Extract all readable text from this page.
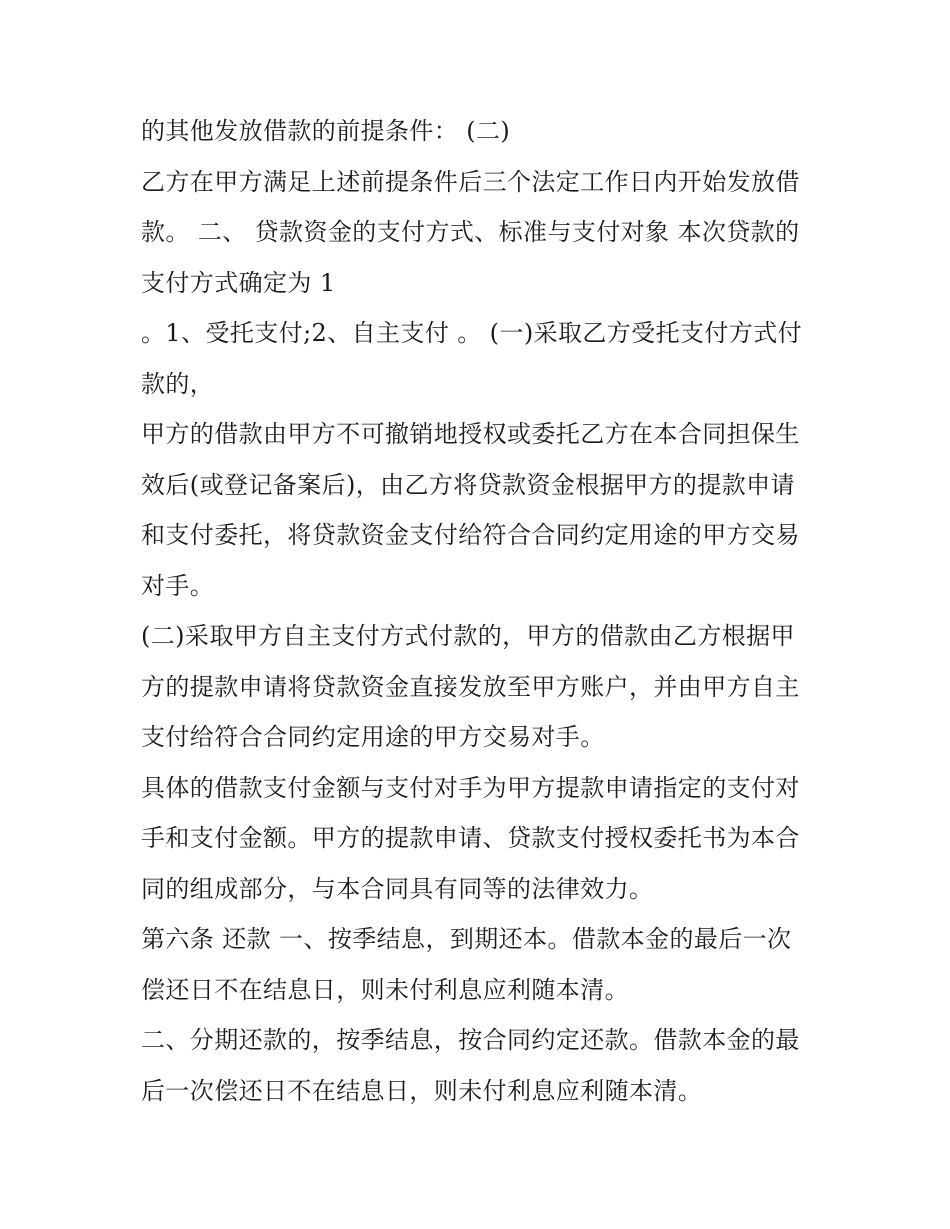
的其他发放借款的前提条件： (二)

乙方在甲方满足上述前提条件后三个法定工作日内开始发放借
款。 二、 贷款资金的支付方式、标准与支付对象 本次贷款的
支付方式确定为 1

。1、受托支付;2、自主支付 。 (一)采取乙方受托支付方式付
款的，

甲方的借款由甲方不可撤销地授权或委托乙方在本合同担保生
效后(或登记备案后)，由乙方将贷款资金根据甲方的提款申请
和支付委托，将贷款资金支付给符合合同约定用途的甲方交易
对手。

(二)采取甲方自主支付方式付款的，甲方的借款由乙方根据甲
方的提款申请将贷款资金直接发放至甲方账户，并由甲方自主
支付给符合合同约定用途的甲方交易对手。

具体的借款支付金额与支付对手为甲方提款申请指定的支付对
手和支付金额。甲方的提款申请、贷款支付授权委托书为本合
同的组成部分，与本合同具有同等的法律效力。

第六条 还款 一、按季结息，到期还本。借款本金的最后一次
偿还日不在结息日，则未付利息应利随本清。

二、分期还款的，按季结息，按合同约定还款。借款本金的最
后一次偿还日不在结息日，则未付利息应利随本清。
